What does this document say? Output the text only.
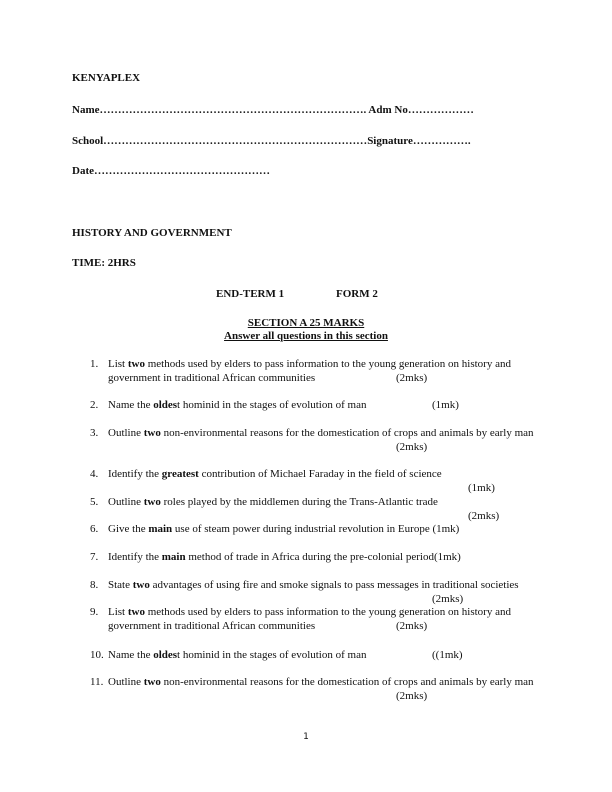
KENYAPLEX
Name………………………………………………………………. Adm No………………
School………………………………………………………………Signature…………….
Date…………………………………………
HISTORY AND GOVERNMENT
TIME: 2HRS
END-TERM 1	FORM 2
SECTION A 25 MARKS
Answer all questions in this section
1. List two methods used by elders to pass information to the young generation on history and government in traditional African communities	(2mks)
2. Name the oldest hominid in the stages of evolution of man	(1mk)
3. Outline two non-environmental reasons for the domestication of crops and animals by early man
(2mks)
4. Identify the greatest contribution of Michael Faraday in the field of science
(1mk)
5. Outline two roles played by the middlemen during the Trans-Atlantic trade
(2mks)
6. Give the main use of steam power during industrial revolution in Europe (1mk)
7. Identify the main method of trade in Africa during the pre-colonial period(1mk)
8. State two advantages of using fire and smoke signals to pass messages in traditional societies
(2mks)
9. List two methods used by elders to pass information to the young generation on history and government in traditional African communities	(2mks)
10. Name the oldest hominid in the stages of evolution of man	((1mk)
11. Outline two non-environmental reasons for the domestication of crops and animals by early man
(2mks)
1
